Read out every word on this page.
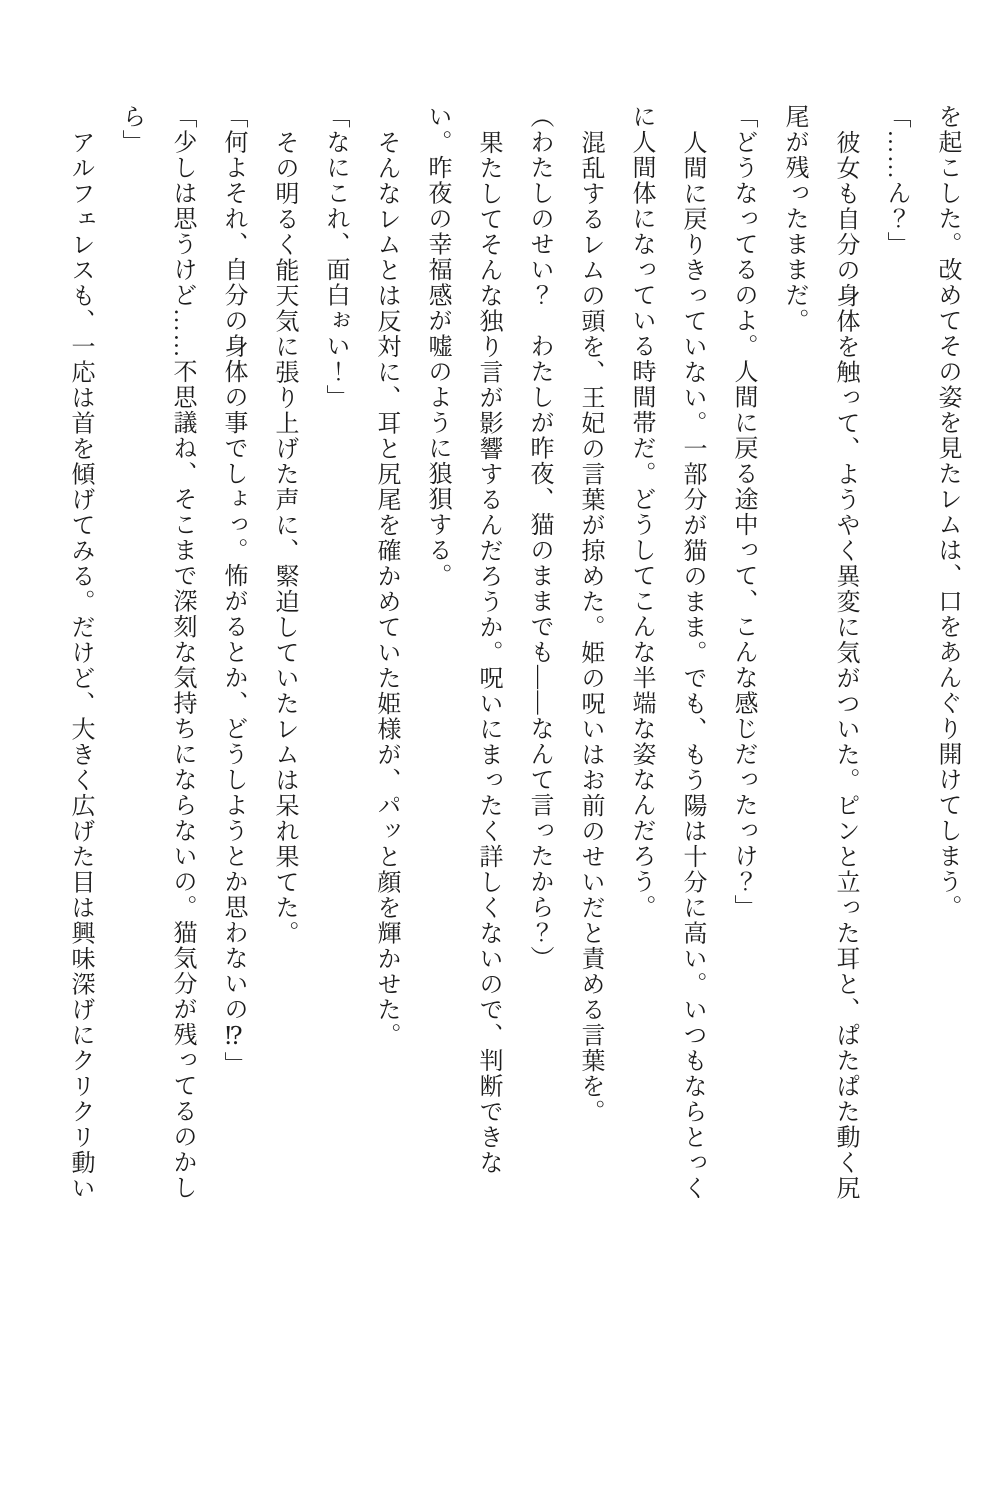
を起こした。改めてその姿を見たレムは、口をあんぐり開けてしまう。

「……ん？」

彼女も自分の身体を触って、ようやく異変に気がついた。ピンと立った耳と、ぱたぱた動く尻

尾が残ったままだ。

「どうなってるのよ。人間に戻る途中って、こんな感じだったっけ？」

人間に戻りきっていない。一部分が猫のまま。でも、もう陽は十分に高い。いつもならとっく

に人間体になっている時間帯だ。どうしてこんな半端な姿なんだろう。

混乱するレムの頭を、王妃の言葉が掠めた。姫の呪いはお前のせいだと責める言葉を。

（わたしのせい？　わたしが昨夜、猫のままでも――なんて言ったから？）

果たしてそんな独り言が影響するんだろうか。呪いにまったく詳しくないので、判断できな

い。昨夜の幸福感が嘘のように狼狽する。

そんなレムとは反対に、耳と尻尾を確かめていた姫様が、パッと顔を輝かせた。

「なにこれ、面白ぉい！」

その明るく能天気に張り上げた声に、緊迫していたレムは呆れ果てた。

「何よそれ、自分の身体の事でしょっ。怖がるとか、どうしようとか思わないの⁉」

「少しは思うけど……不思議ね、そこまで深刻な気持ちにならないの。猫気分が残ってるのかし

ら」

アルフェレスも、一応は首を傾げてみる。だけど、大きく広げた目は興味深げにクリクリ動い
